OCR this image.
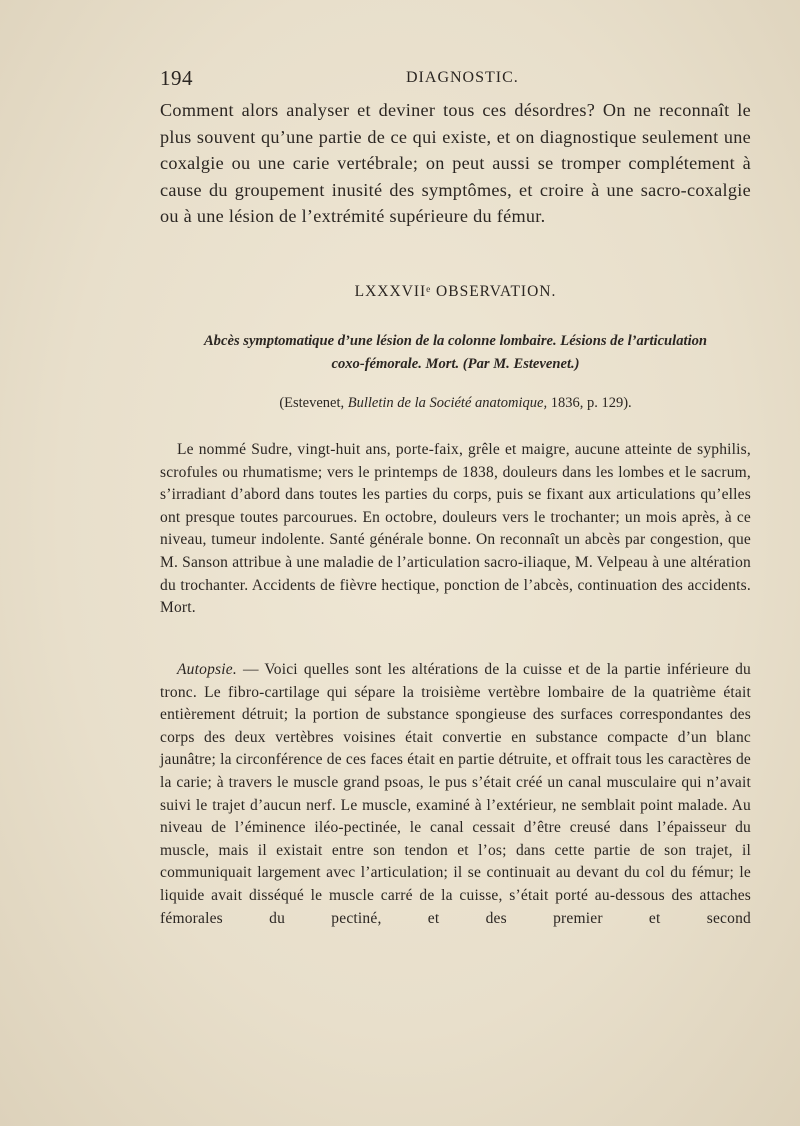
194	DIAGNOSTIC.

Comment alors analyser et deviner tous ces désordres? On ne reconnaît le plus souvent qu’une partie de ce qui existe, et on diagnostique seulement une coxalgie ou une carie vertébrale; on peut aussi se tromper complétement à cause du groupement inusité des symptômes, et croire à une sacro-coxalgie ou à une lésion de l’extrémité supérieure du fémur.

LXXXVIIᵉ OBSERVATION.

Abcès symptomatique d’une lésion de la colonne lombaire. Lésions de l’articulation
coxo-fémorale. Mort. (Par M. Estevenet.)

(Estevenet, Bulletin de la Société anatomique, 1836, p. 129).

Le nommé Sudre, vingt-huit ans, porte-faix, grêle et maigre, aucune atteinte de syphilis, scrofules ou rhumatisme; vers le printemps de 1838, douleurs dans les lombes et le sacrum, s’irradiant d’abord dans toutes les parties du corps, puis se fixant aux articulations qu’elles ont presque toutes parcourues. En octobre, douleurs vers le trochanter; un mois après, à ce niveau, tumeur indolente. Santé générale bonne. On reconnaît un abcès par congestion, que M. Sanson attribue à une maladie de l’articulation sacro-iliaque, M. Velpeau à une altération du trochanter. Accidents de fièvre hectique, ponction de l’abcès, continuation des accidents. Mort.

Autopsie. — Voici quelles sont les altérations de la cuisse et de la partie inférieure du tronc. Le fibro-cartilage qui sépare la troisième vertèbre lombaire de la quatrième était entièrement détruit; la portion de substance spongieuse des surfaces correspondantes des corps des deux vertèbres voisines était convertie en substance compacte d’un blanc jaunâtre; la circonférence de ces faces était en partie détruite, et offrait tous les caractères de la carie; à travers le muscle grand psoas, le pus s’était créé un canal musculaire qui n’avait suivi le trajet d’aucun nerf. Le muscle, examiné à l’extérieur, ne semblait point malade. Au niveau de l’éminence iléo-pectinée, le canal cessait d’être creusé dans l’épaisseur du muscle, mais il existait entre son tendon et l’os; dans cette partie de son trajet, il communiquait largement avec l’articulation; il se continuait au devant du col du fémur; le liquide avait disséqué le muscle carré de la cuisse, s’était porté au-dessous des attaches fémorales du pectiné, et des premier et second
